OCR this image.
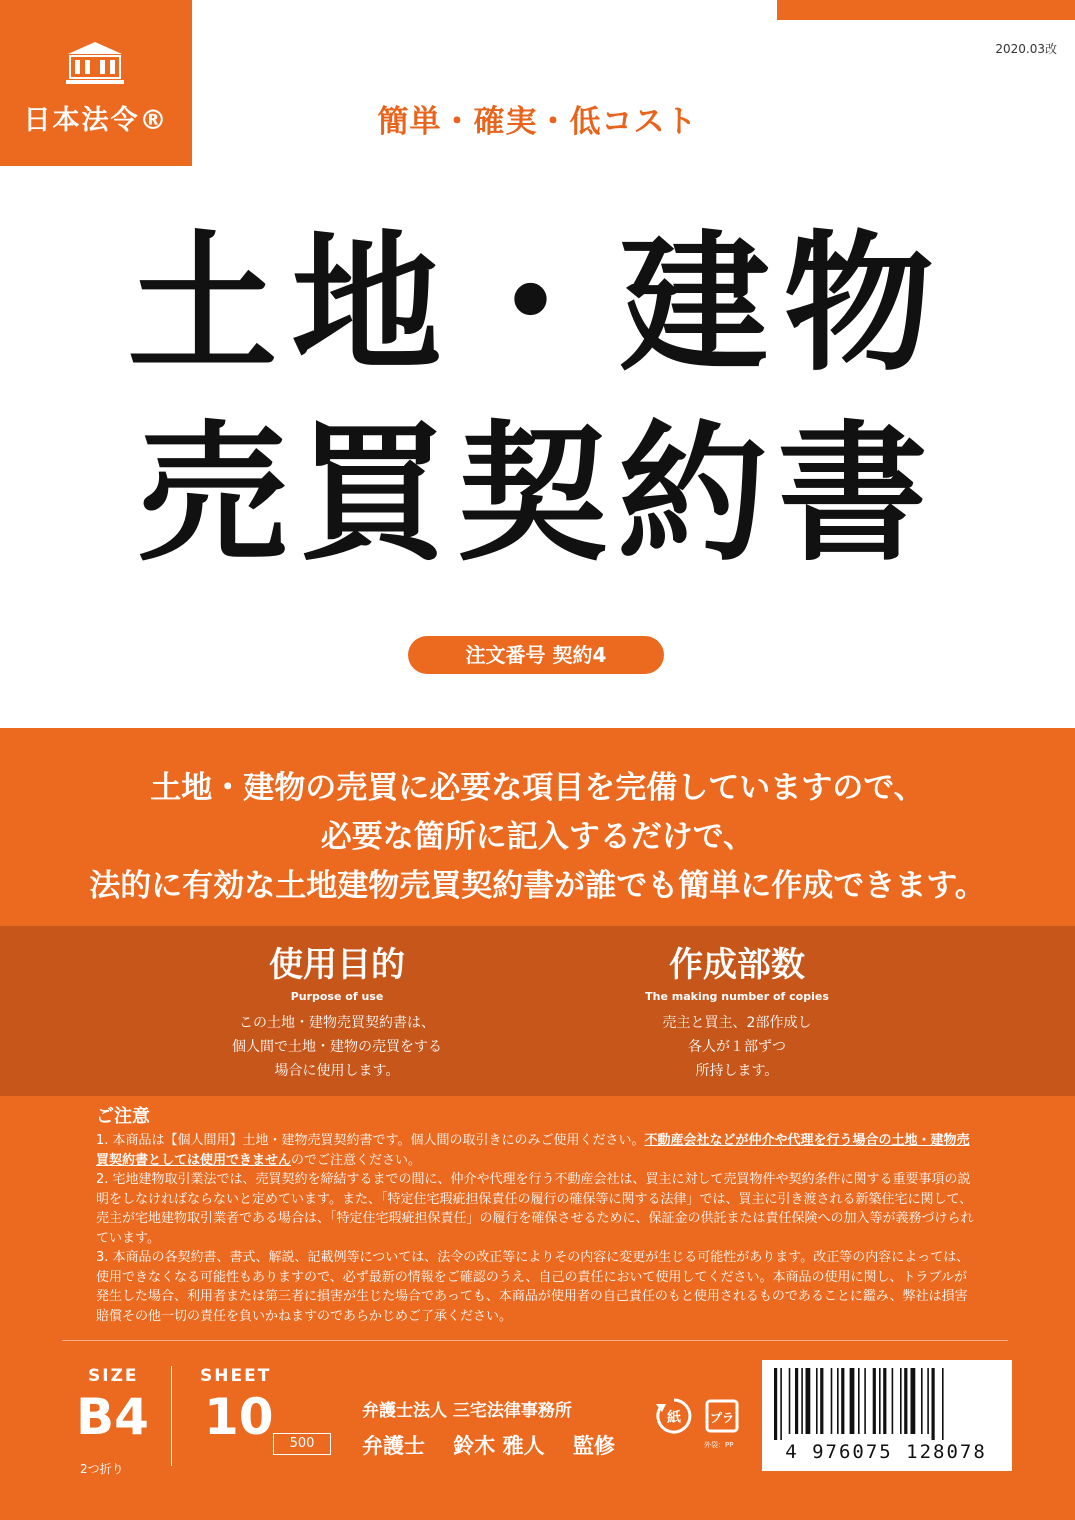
日本法令®
2020.03改
簡単・確実・低コスト
土地・建物
売買契約書
注文番号 契約4
土地・建物の売買に必要な項目を完備していますので、
必要な箇所に記入するだけで、
法的に有効な土地建物売買契約書が誰でも簡単に作成できます。
使用目的
Purpose of use
この土地・建物売買契約書は、
個人間で土地・建物の売買をする
場合に使用します。
作成部数
The making number of copies
売主と買主、2部作成し
各人が１部ずつ
所持します。
ご注意
1. 本商品は【個人間用】土地・建物売買契約書です。個人間の取引きにのみご使用ください。不動産会社などが仲介や代理を行う場合の土地・建物売買契約書としては使用できませんのでご注意ください。
2. 宅地建物取引業法では、売買契約を締結するまでの間に、仲介や代理を行う不動産会社は、買主に対して売買物件や契約条件に関する重要事項の説明をしなければならないと定めています。また、「特定住宅瑕疵担保責任の履行の確保等に関する法律」では、買主に引き渡される新築住宅に関して、売主が宅地建物取引業者である場合は、「特定住宅瑕疵担保責任」の履行を確保させるために、保証金の供託または責任保険への加入等が義務づけられています。
3. 本商品の各契約書、書式、解説、記載例等については、法令の改正等によりその内容に変更が生じる可能性があります。改正等の内容によっては、使用できなくなる可能性もありますので、必ず最新の情報をご確認のうえ、自己の責任において使用してください。本商品の使用に関し、トラブルが発生した場合、利用者または第三者に損害が生じた場合であっても、本商品が使用者の自己責任のもと使用されるものであることに鑑み、弊社は損害賠償その他一切の責任を負いかねますのであらかじめご了承ください。
SIZE
B4
2つ折り
SHEET
10	500
弁護士法人 三宅法律事務所
弁護士　 鈴木 雅人 　監修
紙 プラ
外袋：PP	4 976075 128078
